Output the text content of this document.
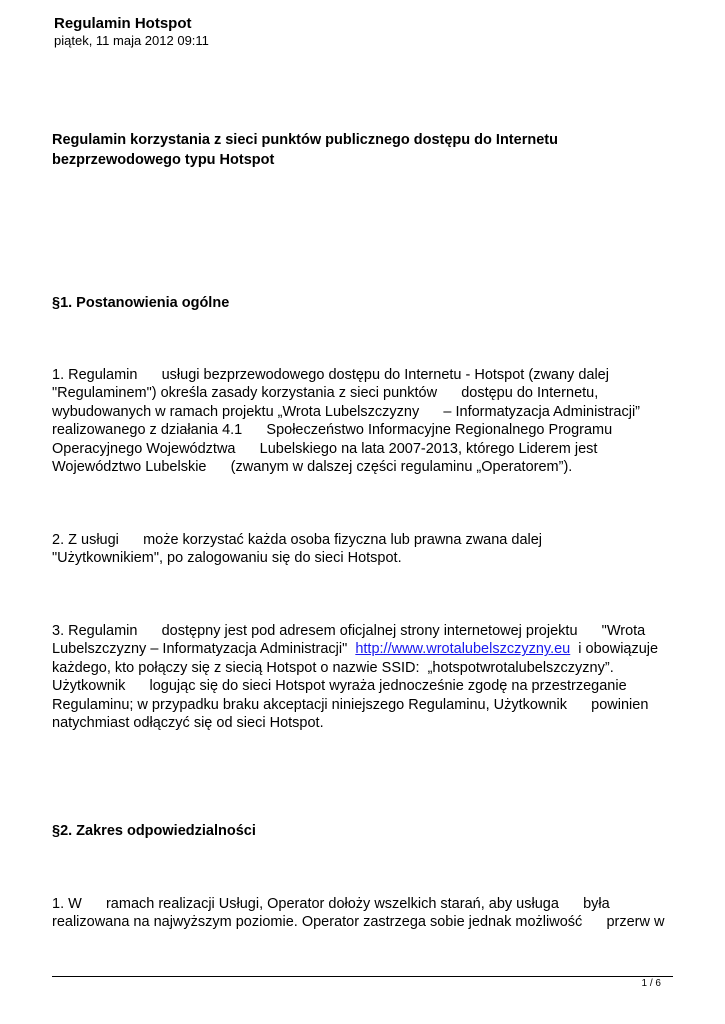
Regulamin Hotspot
piątek, 11 maja 2012 09:11
Regulamin korzystania z sieci punktów publicznego dostępu do Internetu
bezprzewodowego typu Hotspot
§1. Postanowienia ogólne
1. Regulamin      usługi bezprzewodowego dostępu do Internetu - Hotspot (zwany dalej
"Regulaminem") określa zasady korzystania z sieci punktów      dostępu do Internetu,
wybudowanych w ramach projektu „Wrota Lubelszczyzny      – Informatyzacja Administracji”
realizowanego z działania 4.1      Społeczeństwo Informacyjne Regionalnego Programu
Operacyjnego Województwa      Lubelskiego na lata 2007-2013, którego Liderem jest
Województwo Lubelskie      (zwanym w dalszej części regulaminu „Operatorem”).
2. Z usługi      może korzystać każda osoba fizyczna lub prawna zwana dalej
"Użytkownikiem", po zalogowaniu się do sieci Hotspot.
3. Regulamin      dostępny jest pod adresem oficjalnej strony internetowej projektu      "Wrota
Lubelszczyzny – Informatyzacja Administracji"  http://www.wrotalubelszczyzny.eu  i obowiązuje
każdego, kto połączy się z siecią Hotspot o nazwie SSID:  „hotspotwrotalubelszczyzny”.
Użytkownik      logując się do sieci Hotspot wyraża jednocześnie zgodę na przestrzeganie
Regulaminu; w przypadku braku akceptacji niniejszego Regulaminu, Użytkownik      powinien
natychmiast odłączyć się od sieci Hotspot.
§2. Zakres odpowiedzialności
1. W      ramach realizacji Usługi, Operator dołoży wszelkich starań, aby usługa      była
realizowana na najwyższym poziomie. Operator zastrzega sobie jednak możliwość      przerw w
1 / 6
